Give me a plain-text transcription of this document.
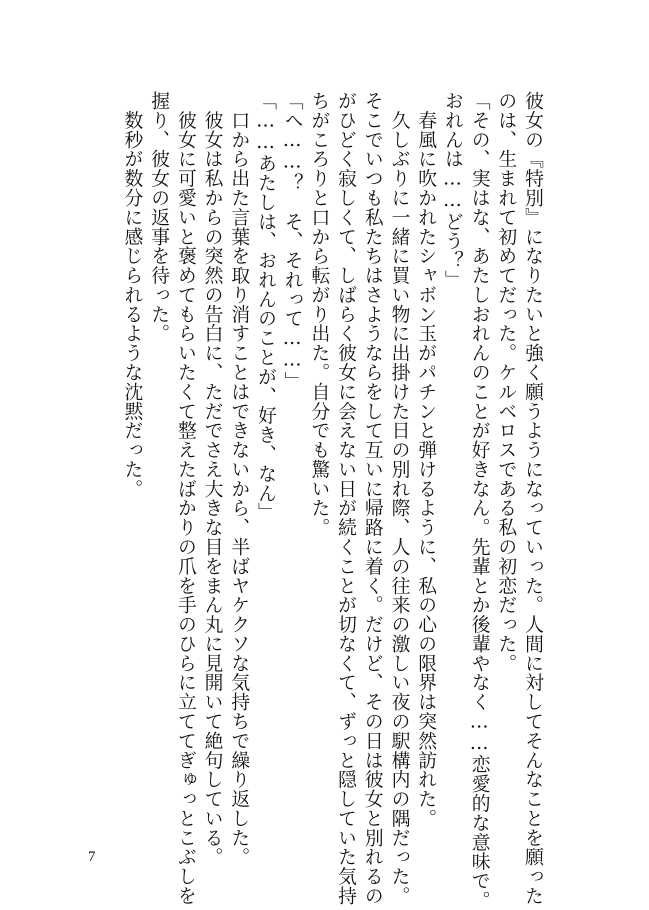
彼女の『特別』になりたいと強く願うようになっていった。人間に対してそんなことを願った

のは、生まれて初めてだった。ケルベロスである私の初恋だった。

「その、実はな、あたしおれんのことが好きなん。先輩とか後輩やなく……恋愛的な意味で。

おれんは……どう？」

　春風に吹かれたシャボン玉がパチンと弾けるように、私の心の限界は突然訪れた。

　久しぶりに一緒に買い物に出掛けた日の別れ際、人の往来の激しい夜の駅構内の隅だった。

そこでいつも私たちはさようならをして互いに帰路に着く。だけど、その日は彼女と別れるの

がひどく寂しくて、しばらく彼女に会えない日が続くことが切なくて、ずっと隠していた気持

ちがころりと口から転がり出た。自分でも驚いた。

「へ……？　そ、それって……」

「……あたしは、おれんのことが、好き、なん」

　口から出た言葉を取り消すことはできないから、半ばヤケクソな気持ちで繰り返した。

　彼女は私からの突然の告白に、ただでさえ大きな目をまん丸に見開いて絶句している。

　彼女に可愛いと褒めてもらいたくて整えたばかりの爪を手のひらに立ててぎゅっとこぶしを

握り、彼女の返事を待った。

　数秒が数分に感じられるような沈黙だった。

7
